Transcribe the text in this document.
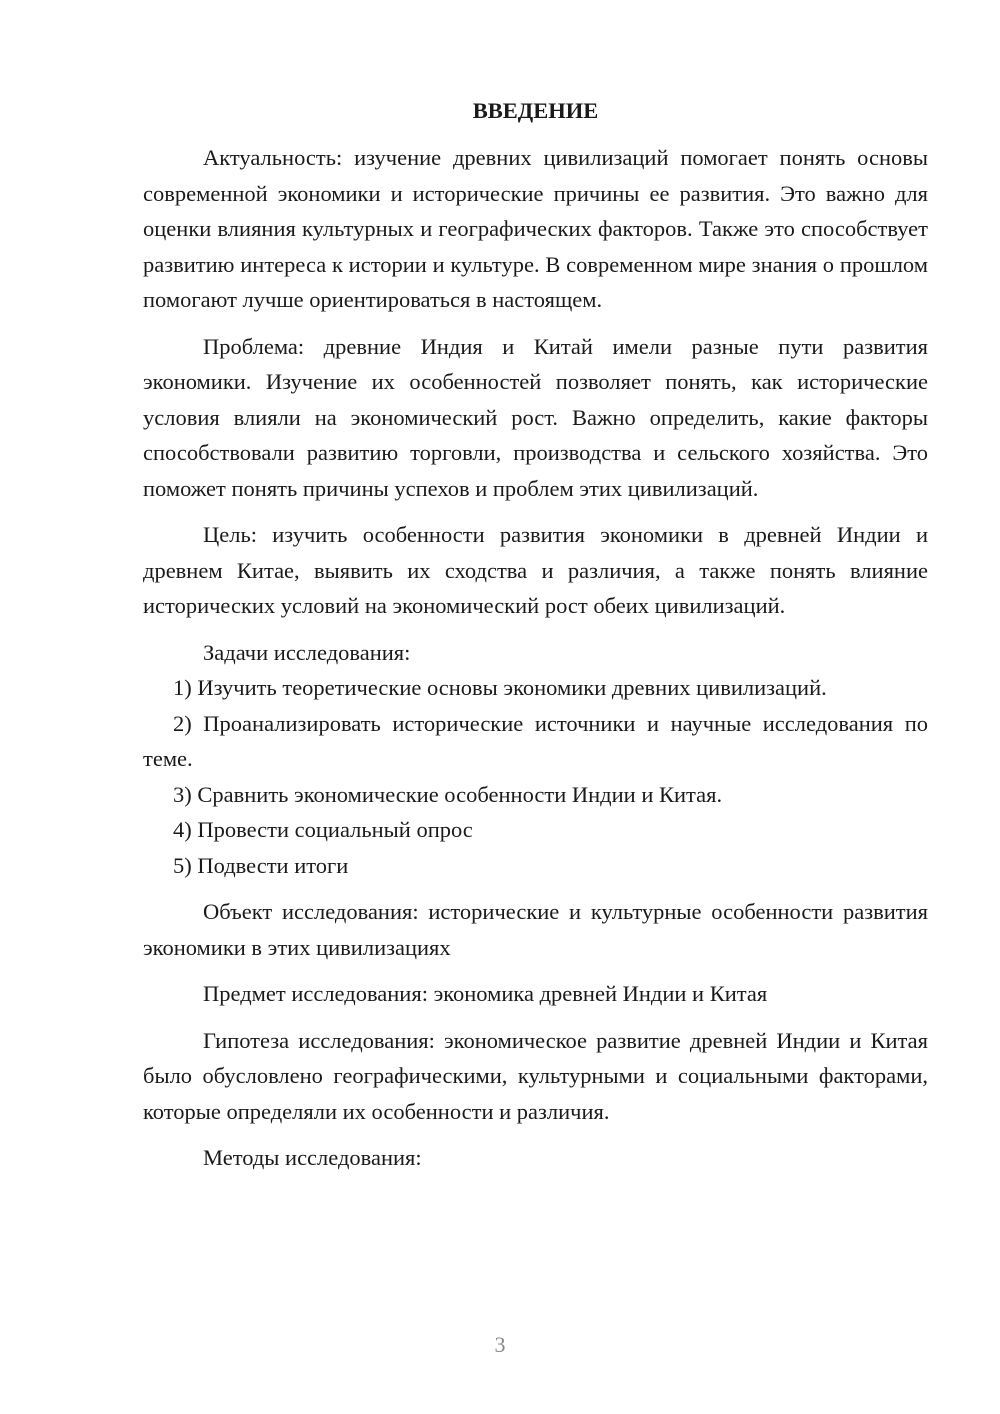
ВВЕДЕНИЕ

Актуальность: изучение древних цивилизаций помогает понять основы современной экономики и исторические причины ее развития. Это важно для оценки влияния культурных и географических факторов. Также это способствует развитию интереса к истории и культуре. В современном мире знания о прошлом помогают лучше ориентироваться в настоящем.

Проблема: древние Индия и Китай имели разные пути развития экономики. Изучение их особенностей позволяет понять, как исторические условия влияли на экономический рост. Важно определить, какие факторы способствовали развитию торговли, производства и сельского хозяйства. Это поможет понять причины успехов и проблем этих цивилизаций.

Цель: изучить особенности развития экономики в древней Индии и древнем Китае, выявить их сходства и различия, а также понять влияние исторических условий на экономический рост обеих цивилизаций.

Задачи исследования:

1) Изучить теоретические основы экономики древних цивилизаций.

2) Проанализировать исторические источники и научные исследования по теме.

3) Сравнить экономические особенности Индии и Китая.

4) Провести социальный опрос

5) Подвести итоги

Объект исследования: исторические и культурные особенности развития экономики в этих цивилизациях

Предмет исследования: экономика древней Индии и Китая

Гипотеза исследования: экономическое развитие древней Индии и Китая было обусловлено географическими, культурными и социальными факторами, которые определяли их особенности и различия.

Методы исследования:

3
